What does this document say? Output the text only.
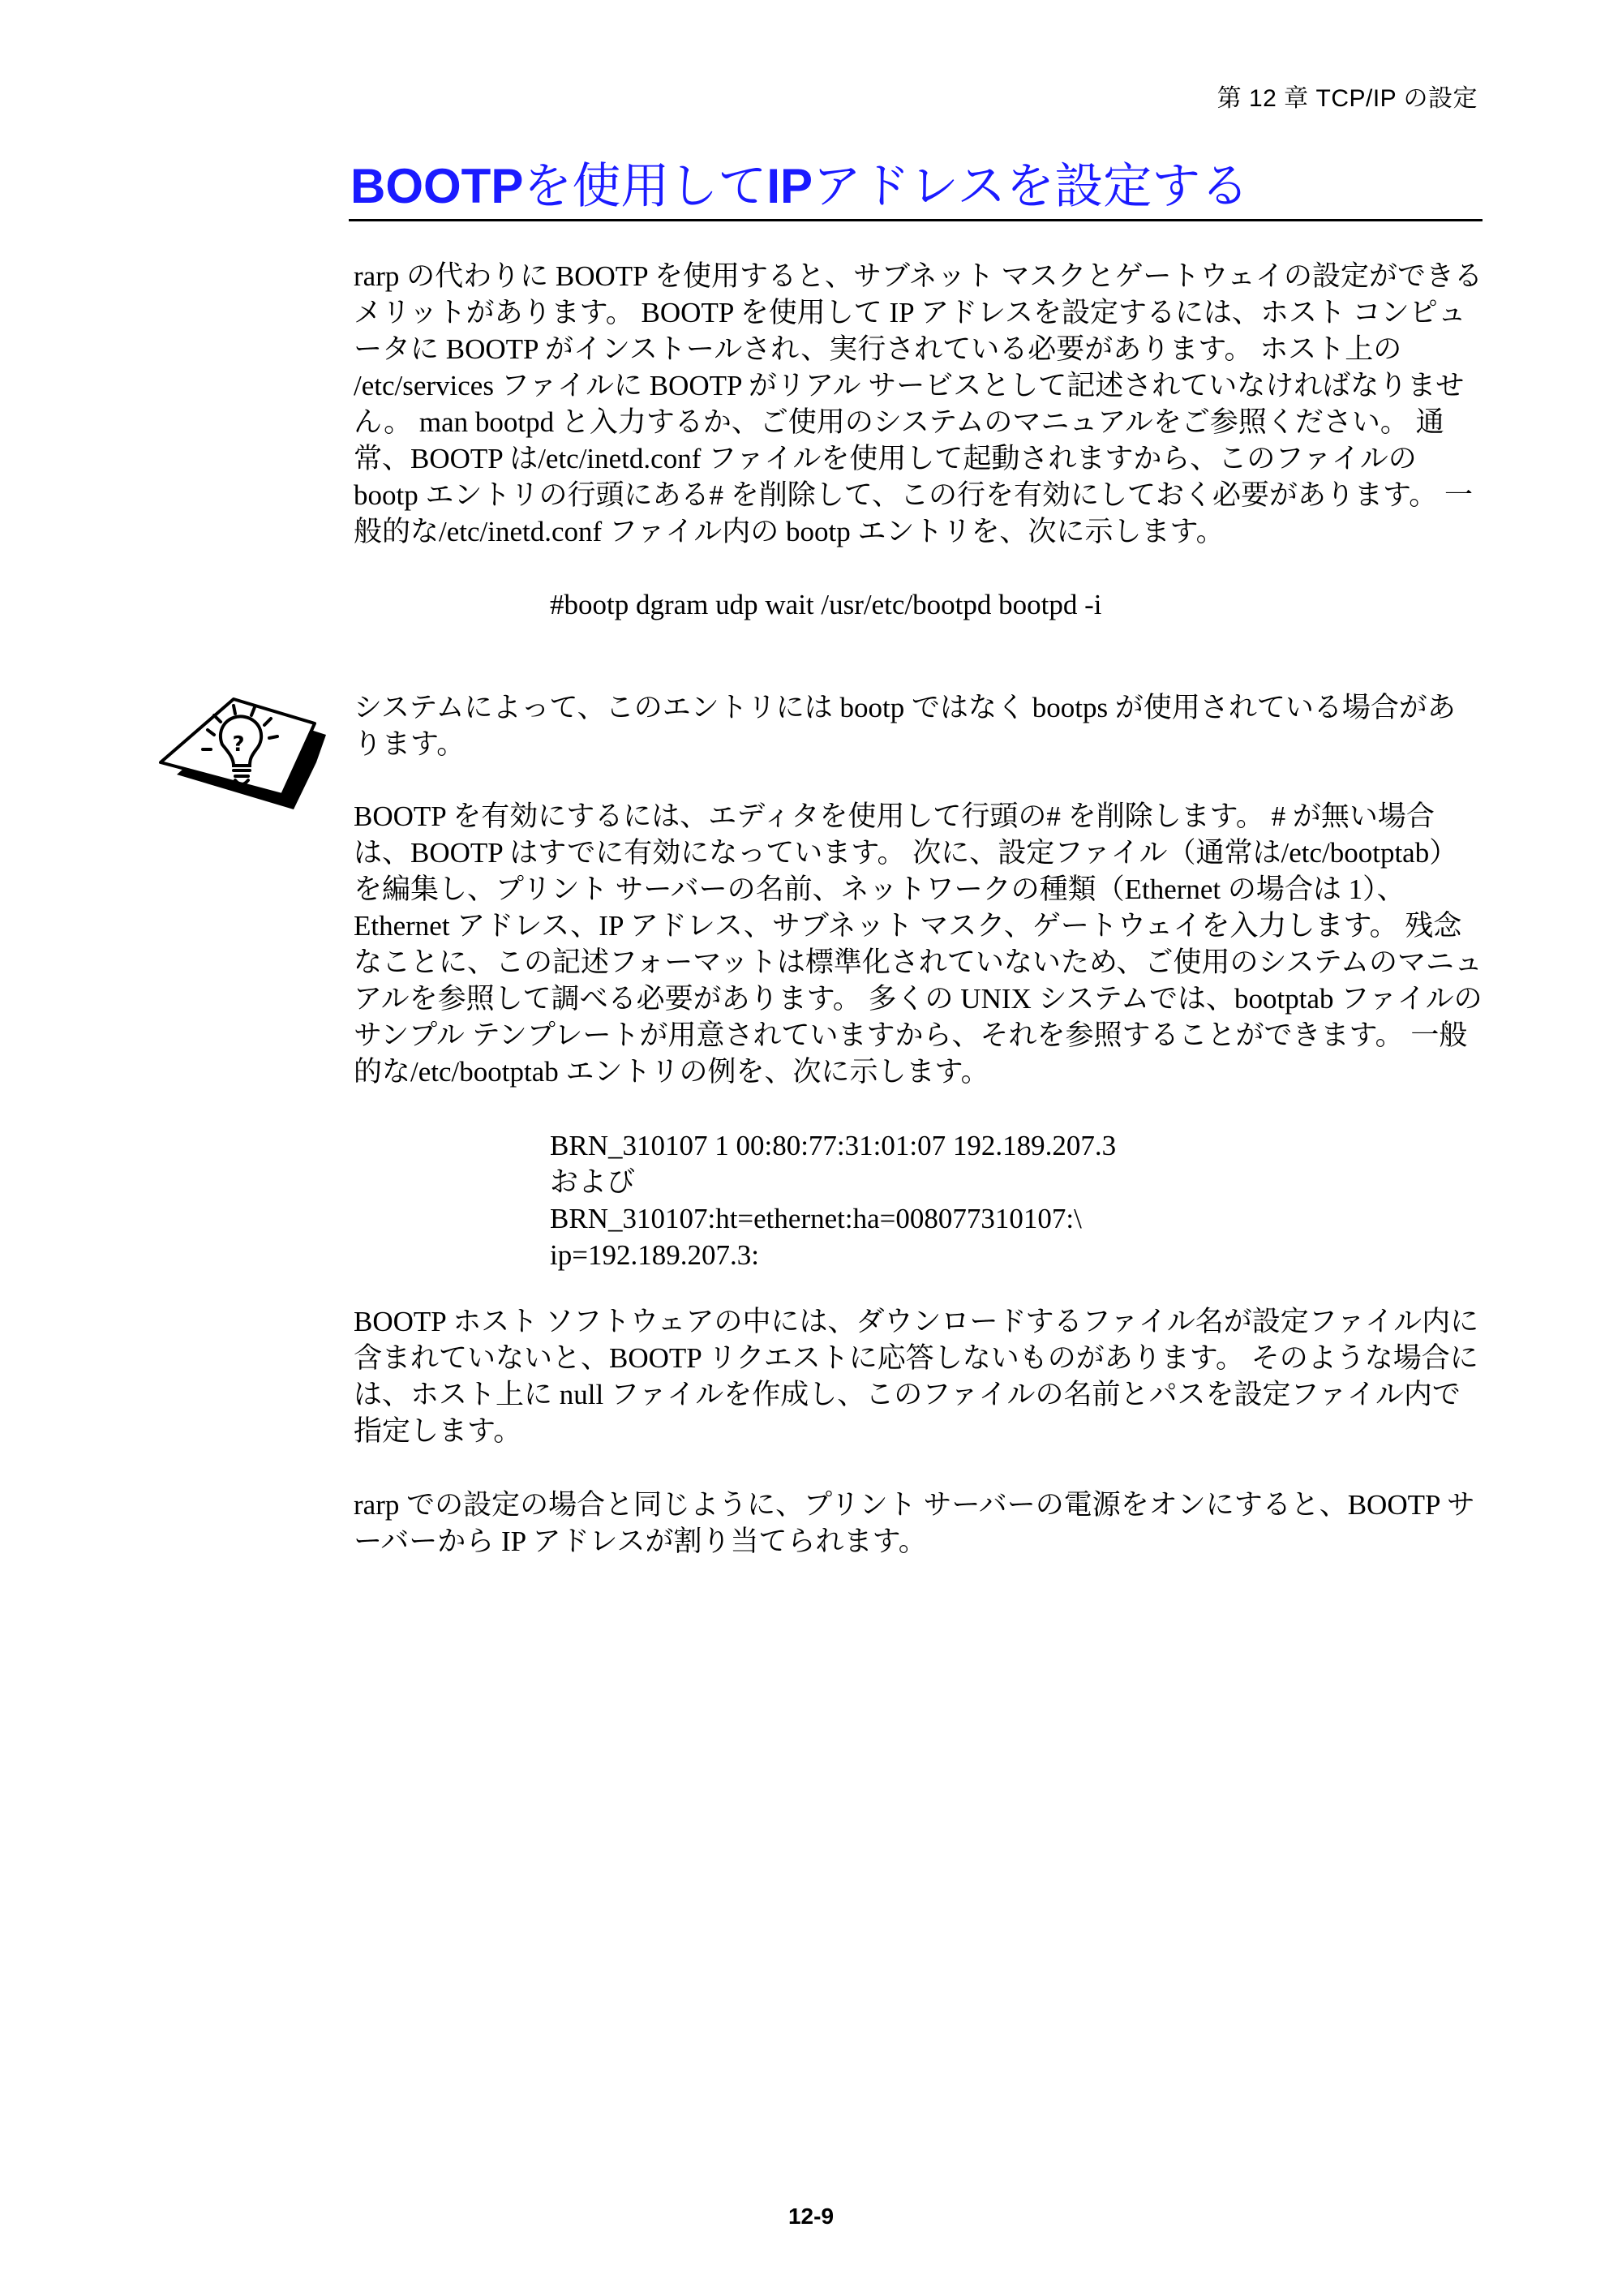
第 12 章 TCP/IP の設定
BOOTPを使用してIPアドレスを設定する

rarp の代わりに BOOTP を使用すると、サブネット マスクとゲートウェイの設定ができるメリットがあります。 BOOTP を使用して IP アドレスを設定するには、ホスト コンピュータに BOOTP がインストールされ、実行されている必要があります。 ホスト上の /etc/services ファイルに BOOTP がリアル サービスとして記述されていなければなりません。 man bootpd と入力するか、ご使用のシステムのマニュアルをご参照ください。 通常、BOOTP は/etc/inetd.conf ファイルを使用して起動されますから、このファイルの bootp エントリの行頭にある# を削除して、この行を有効にしておく必要があります。 一般的な/etc/inetd.conf ファイル内の bootp エントリを、次に示します。

#bootp dgram udp wait /usr/etc/bootpd bootpd -i

?

システムによって、このエントリには bootp ではなく bootps が使用されている場合があります。

BOOTP を有効にするには、エディタを使用して行頭の# を削除します。 # が無い場合は、BOOTP はすでに有効になっています。 次に、設定ファイル（通常は/etc/bootptab）を編集し、プリント サーバーの名前、ネットワークの種類（Ethernet の場合は 1）、Ethernet アドレス、IP アドレス、サブネット マスク、ゲートウェイを入力します。 残念なことに、この記述フォーマットは標準化されていないため、ご使用のシステムのマニュアルを参照して調べる必要があります。 多くの UNIX システムでは、bootptab ファイルのサンプル テンプレートが用意されていますから、それを参照することができます。 一般的な/etc/bootptab エントリの例を、次に示します。

BRN_310107 1 00:80:77:31:01:07 192.189.207.3

および

BRN_310107:ht=ethernet:ha=008077310107:\

ip=192.189.207.3:

BOOTP ホスト ソフトウェアの中には、ダウンロードするファイル名が設定ファイル内に含まれていないと、BOOTP リクエストに応答しないものがあります。 そのような場合には、ホスト上に null ファイルを作成し、このファイルの名前とパスを設定ファイル内で指定します。

rarp での設定の場合と同じように、プリント サーバーの電源をオンにすると、BOOTP サーバーから IP アドレスが割り当てられます。

12-9
